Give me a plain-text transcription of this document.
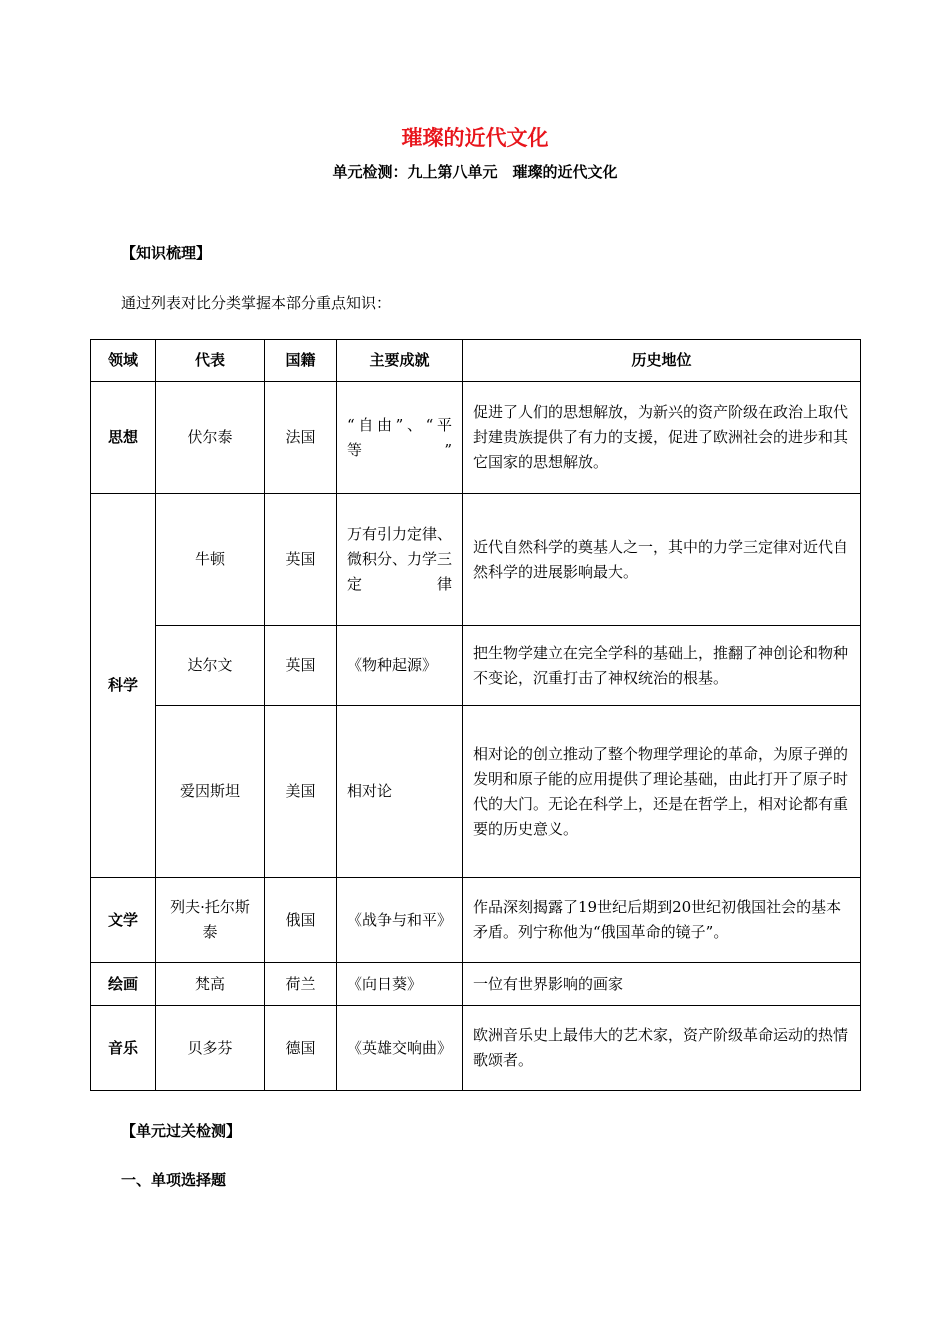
璀璨的近代文化
单元检测：九上第八单元　璀璨的近代文化
【知识梳理】
通过列表对比分类掌握本部分重点知识：
领域	代表	国籍	主要成就	历史地位
思想	伏尔泰	法国	“自由”、“平等”	促进了人们的思想解放，为新兴的资产阶级在政治上取代封建贵族提供了有力的支援，促进了欧洲社会的进步和其它国家的思想解放。
科学	牛顿	英国	万有引力定律、微积分、力学三定律	近代自然科学的奠基人之一，其中的力学三定律对近代自然科学的进展影响最大。
	达尔文	英国	《物种起源》	把生物学建立在完全学科的基础上，推翻了神创论和物种不变论，沉重打击了神权统治的根基。
	爱因斯坦	美国	相对论	相对论的创立推动了整个物理学理论的革命，为原子弹的发明和原子能的应用提供了理论基础，由此打开了原子时代的大门。无论在科学上，还是在哲学上，相对论都有重要的历史意义。
文学	列夫·托尔斯泰	俄国	《战争与和平》	作品深刻揭露了19世纪后期到20世纪初俄国社会的基本矛盾。列宁称他为“俄国革命的镜子”。
绘画	梵高	荷兰	《向日葵》	一位有世界影响的画家
音乐	贝多芬	德国	《英雄交响曲》	欧洲音乐史上最伟大的艺术家，资产阶级革命运动的热情歌颂者。
【单元过关检测】
一、单项选择题
